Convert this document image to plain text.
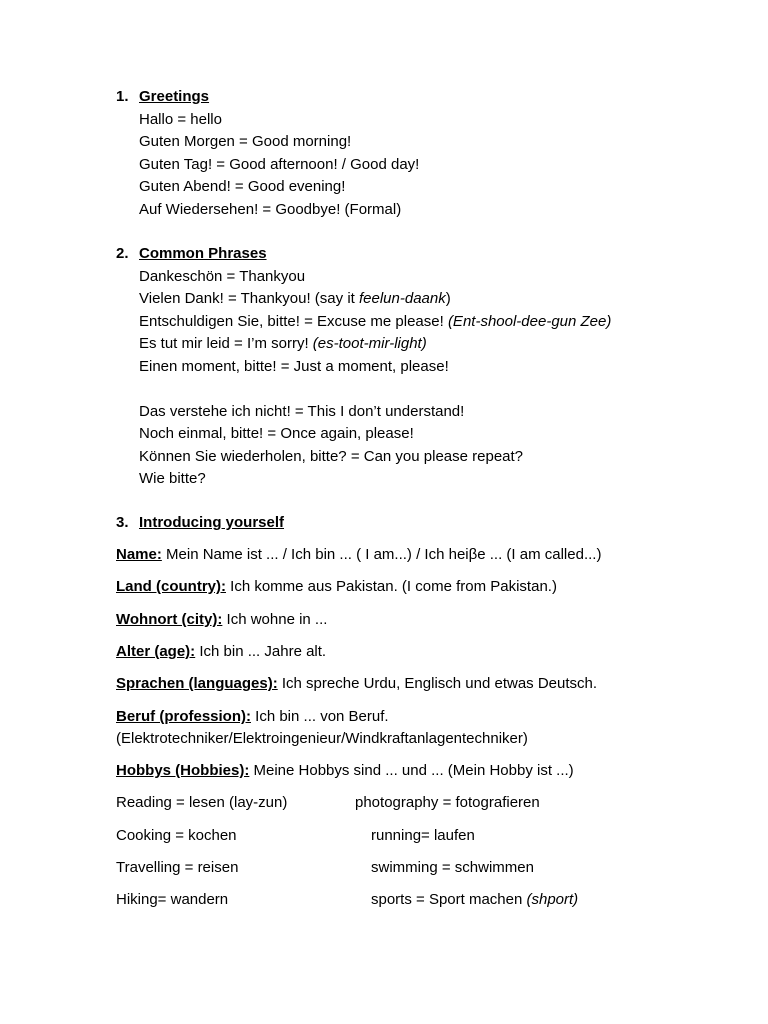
1. Greetings
Hallo = hello
Guten Morgen = Good morning!
Guten Tag! = Good afternoon! / Good day!
Guten Abend! = Good evening!
Auf Wiedersehen! = Goodbye! (Formal)
2. Common Phrases
Dankeschön = Thankyou
Vielen Dank! = Thankyou! (say it feelun-daank)
Entschuldigen Sie, bitte! = Excuse me please! (Ent-shool-dee-gun Zee)
Es tut mir leid = I’m sorry! (es-toot-mir-light)
Einen moment, bitte! = Just a moment, please!
Das verstehe ich nicht! = This I don’t understand!
Noch einmal, bitte! = Once again, please!
Können Sie wiederholen, bitte? = Can you please repeat?
Wie bitte?
3. Introducing yourself
Name: Mein Name ist ... / Ich bin ... ( I am...) / Ich heiβe ... (I am called...)
Land (country): Ich komme aus Pakistan. (I come from Pakistan.)
Wohnort (city): Ich wohne in ...
Alter (age): Ich bin ... Jahre alt.
Sprachen (languages): Ich spreche Urdu, Englisch und etwas Deutsch.
Beruf (profession): Ich bin ... von Beruf.
(Elektrotechniker/Elektroingenieur/Windkraftanlagentechniker)
Hobbys (Hobbies): Meine Hobbys sind ... und ... (Mein Hobby ist ...)
Reading = lesen (lay-zun)	photography = fotografieren
Cooking = kochen	running= laufen
Travelling = reisen	swimming = schwimmen
Hiking= wandern	sports = Sport machen (shport)
